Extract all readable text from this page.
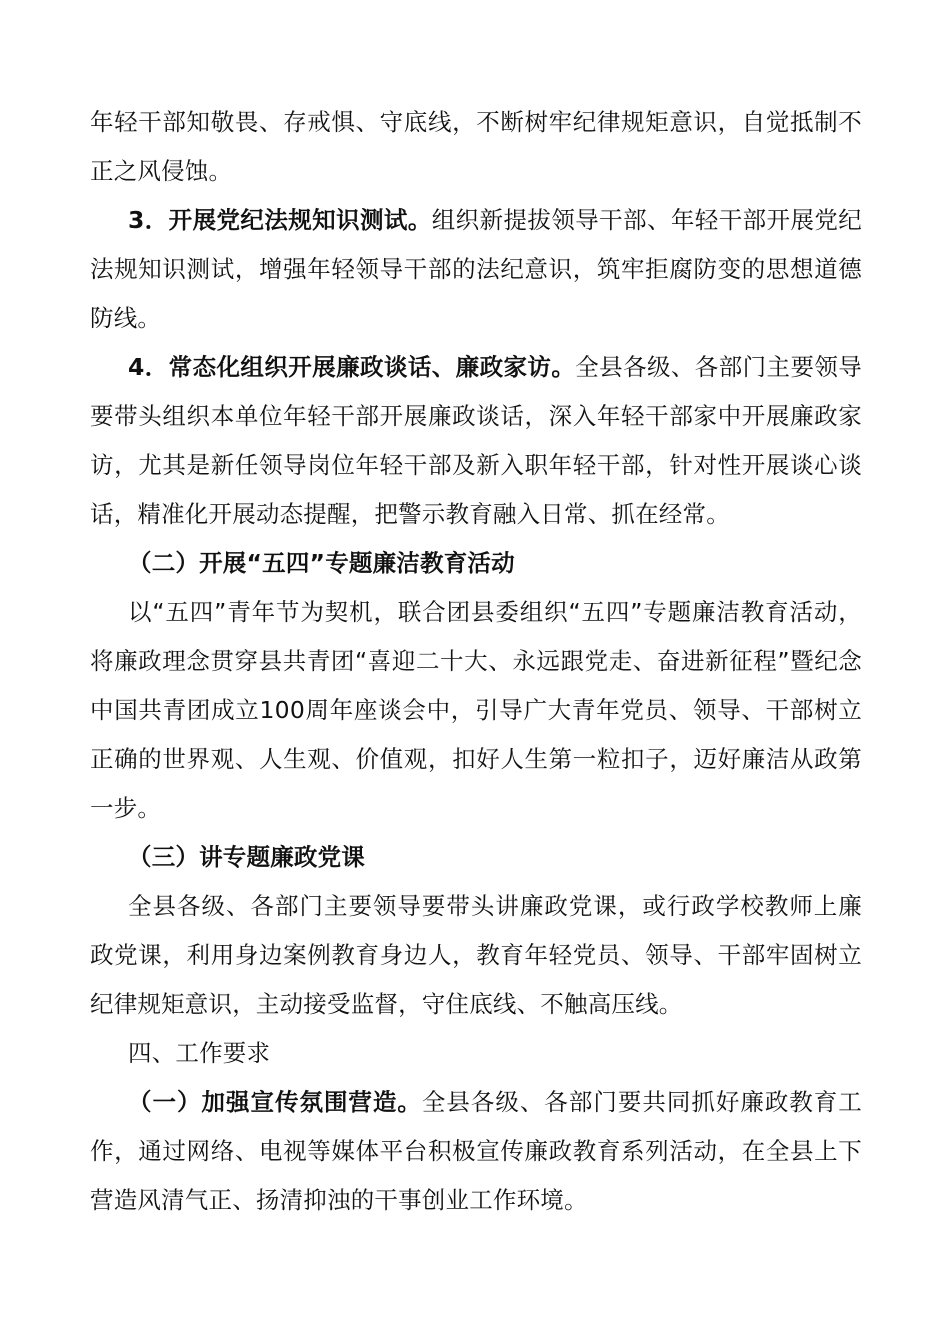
年轻干部知敬畏、存戒惧、守底线，不断树牢纪律规矩意识，自觉抵制不正之风侵蚀。

3．开展党纪法规知识测试。组织新提拔领导干部、年轻干部开展党纪法规知识测试，增强年轻领导干部的法纪意识，筑牢拒腐防变的思想道德防线。

4．常态化组织开展廉政谈话、廉政家访。全县各级、各部门主要领导要带头组织本单位年轻干部开展廉政谈话，深入年轻干部家中开展廉政家访，尤其是新任领导岗位年轻干部及新入职年轻干部，针对性开展谈心谈话，精准化开展动态提醒，把警示教育融入日常、抓在经常。

（二）开展“五四”专题廉洁教育活动

以“五四”青年节为契机，联合团县委组织“五四”专题廉洁教育活动，将廉政理念贯穿县共青团“喜迎二十大、永远跟党走、奋进新征程”暨纪念中国共青团成立100周年座谈会中，引导广大青年党员、领导、干部树立正确的世界观、人生观、价值观，扣好人生第一粒扣子，迈好廉洁从政第一步。

（三）讲专题廉政党课

全县各级、各部门主要领导要带头讲廉政党课，或行政学校教师上廉政党课，利用身边案例教育身边人，教育年轻党员、领导、干部牢固树立纪律规矩意识，主动接受监督，守住底线、不触高压线。

四、工作要求

（一）加强宣传氛围营造。全县各级、各部门要共同抓好廉政教育工作，通过网络、电视等媒体平台积极宣传廉政教育系列活动，在全县上下营造风清气正、扬清抑浊的干事创业工作环境。
